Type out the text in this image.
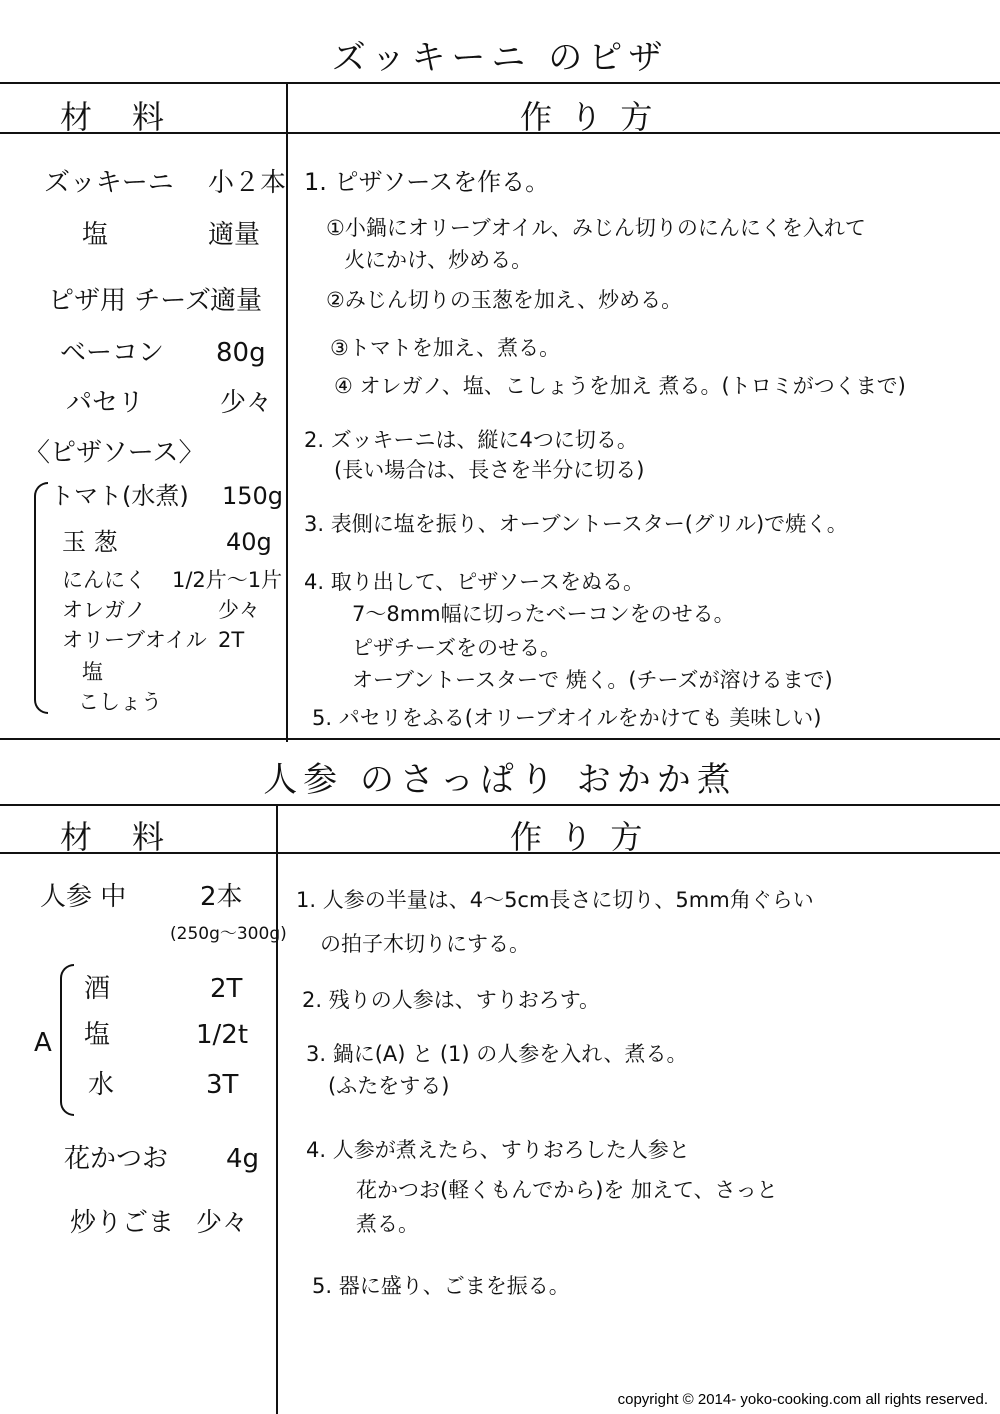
ズッキーニ のピザ
材　料	作 り 方
ズッキーニ 小２本
塩	適量
ピザ用 チーズ 適量
ベーコン 80g
パセリ	少々
〈ピザソース〉
トマト(水煮) 150g
玉 葱	40g
にんにく 1/2片〜1片
オレガノ	少々
オリーブオイル 2T
塩
こしょう
1. ピザソースを作る。
①小鍋にオリーブオイル、みじん切りのにんにくを入れて
火にかけ、炒める。
②みじん切りの玉葱を加え、炒める。
③トマトを加え、煮る。
④ オレガノ、塩、こしょうを加え 煮る。(トロミがつくまで)
2. ズッキーニは、縦に4つに切る。
(長い場合は、長さを半分に切る)
3. 表側に塩を振り、オーブントースター(グリル)で焼く。
4. 取り出して、ピザソースをぬる。
7〜8mm幅に切ったベーコンをのせる。
ピザチーズをのせる。
オーブントースターで 焼く。(チーズが溶けるまで)
5. パセリをふる(オリーブオイルをかけても 美味しい)
人参 のさっぱり おかか煮
材　料	作 り 方
人参 中	2本
(250g〜300g)
A
酒	2T
塩	1/2t
水	3T
花かつお 4g
炒りごま 少々
1. 人参の半量は、4〜5cm長さに切り、5mm角ぐらい
の拍子木切りにする。
2. 残りの人参は、すりおろす。
3. 鍋に(A) と (1) の人参を入れ、煮る。
(ふたをする)
4. 人参が煮えたら、すりおろした人参と
花かつお(軽くもんでから)を 加えて、さっと
煮る。
5. 器に盛り、ごまを振る。
copyright © 2014- yoko-cooking.com all rights reserved.
